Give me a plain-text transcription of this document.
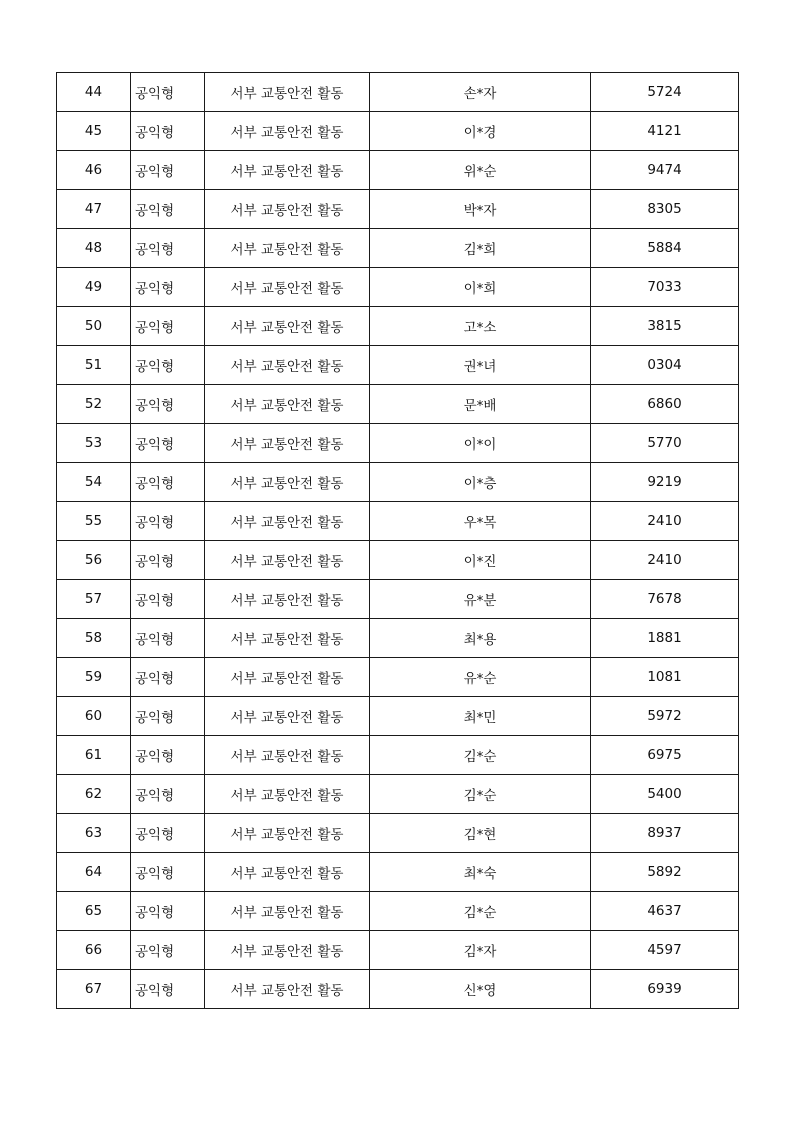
44	공익형	서부 교통안전 활동	손*자	5724
45	공익형	서부 교통안전 활동	이*경	4121
46	공익형	서부 교통안전 활동	위*순	9474
47	공익형	서부 교통안전 활동	박*자	8305
48	공익형	서부 교통안전 활동	김*희	5884
49	공익형	서부 교통안전 활동	이*희	7033
50	공익형	서부 교통안전 활동	고*소	3815
51	공익형	서부 교통안전 활동	권*녀	0304
52	공익형	서부 교통안전 활동	문*배	6860
53	공익형	서부 교통안전 활동	이*이	5770
54	공익형	서부 교통안전 활동	이*층	9219
55	공익형	서부 교통안전 활동	우*목	2410
56	공익형	서부 교통안전 활동	이*진	2410
57	공익형	서부 교통안전 활동	유*분	7678
58	공익형	서부 교통안전 활동	최*용	1881
59	공익형	서부 교통안전 활동	유*순	1081
60	공익형	서부 교통안전 활동	최*민	5972
61	공익형	서부 교통안전 활동	김*순	6975
62	공익형	서부 교통안전 활동	김*순	5400
63	공익형	서부 교통안전 활동	김*현	8937
64	공익형	서부 교통안전 활동	최*숙	5892
65	공익형	서부 교통안전 활동	김*순	4637
66	공익형	서부 교통안전 활동	김*자	4597
67	공익형	서부 교통안전 활동	신*영	6939
